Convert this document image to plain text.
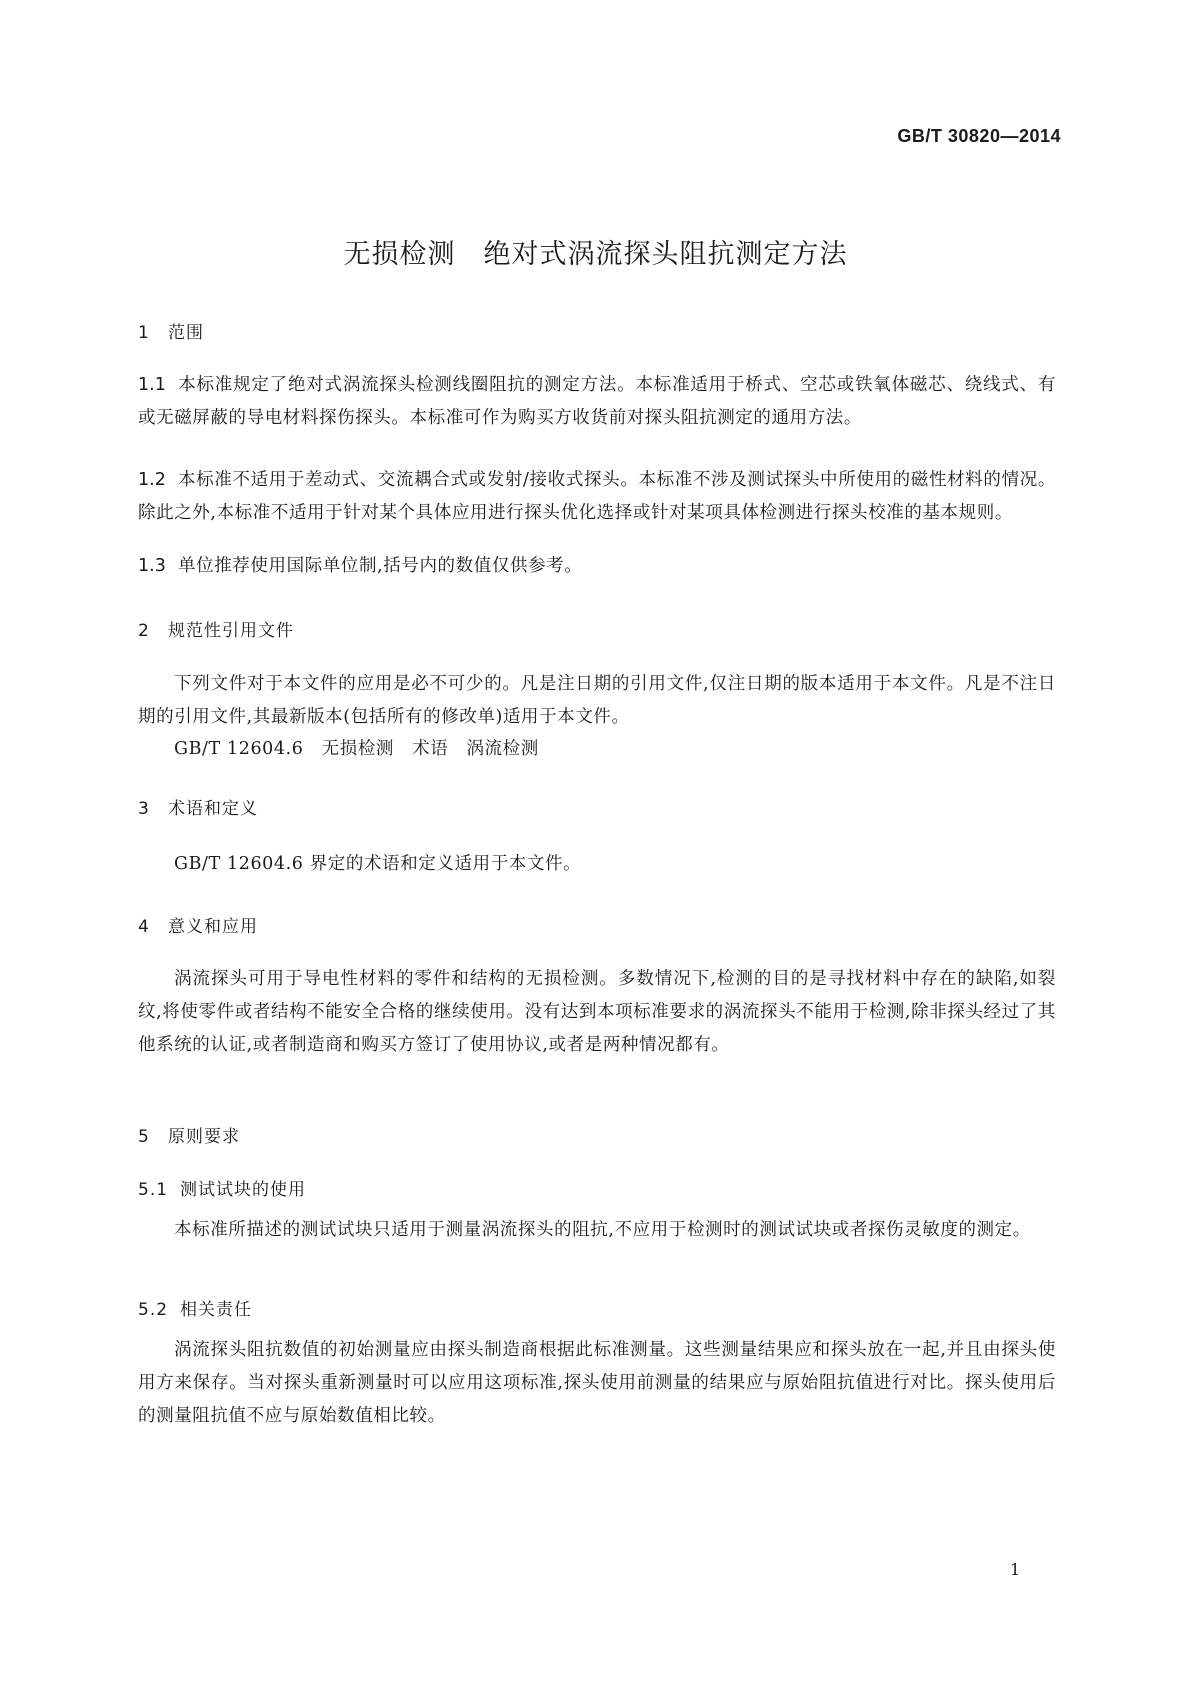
GB/T 30820—2014
无损检测　绝对式涡流探头阻抗测定方法
1 范围
1.1 本标准规定了绝对式涡流探头检测线圈阻抗的测定方法。本标准适用于桥式、空芯或铁氧体磁芯、绕线式、有或无磁屏蔽的导电材料探伤探头。本标准可作为购买方收货前对探头阻抗测定的通用方法。
1.2 本标准不适用于差动式、交流耦合式或发射/接收式探头。本标准不涉及测试探头中所使用的磁性材料的情况。除此之外,本标准不适用于针对某个具体应用进行探头优化选择或针对某项具体检测进行探头校准的基本规则。
1.3 单位推荐使用国际单位制,括号内的数值仅供参考。
2 规范性引用文件
下列文件对于本文件的应用是必不可少的。凡是注日期的引用文件,仅注日期的版本适用于本文件。凡是不注日期的引用文件,其最新版本(包括所有的修改单)适用于本文件。
GB/T 12604.6　无损检测　术语　涡流检测
3 术语和定义
GB/T 12604.6 界定的术语和定义适用于本文件。
4 意义和应用
涡流探头可用于导电性材料的零件和结构的无损检测。多数情况下,检测的目的是寻找材料中存在的缺陷,如裂纹,将使零件或者结构不能安全合格的继续使用。没有达到本项标准要求的涡流探头不能用于检测,除非探头经过了其他系统的认证,或者制造商和购买方签订了使用协议,或者是两种情况都有。
5 原则要求
5.1 测试试块的使用
本标准所描述的测试试块只适用于测量涡流探头的阻抗,不应用于检测时的测试试块或者探伤灵敏度的测定。
5.2 相关责任
涡流探头阻抗数值的初始测量应由探头制造商根据此标准测量。这些测量结果应和探头放在一起,并且由探头使用方来保存。当对探头重新测量时可以应用这项标准,探头使用前测量的结果应与原始阻抗值进行对比。探头使用后的测量阻抗值不应与原始数值相比较。
1
